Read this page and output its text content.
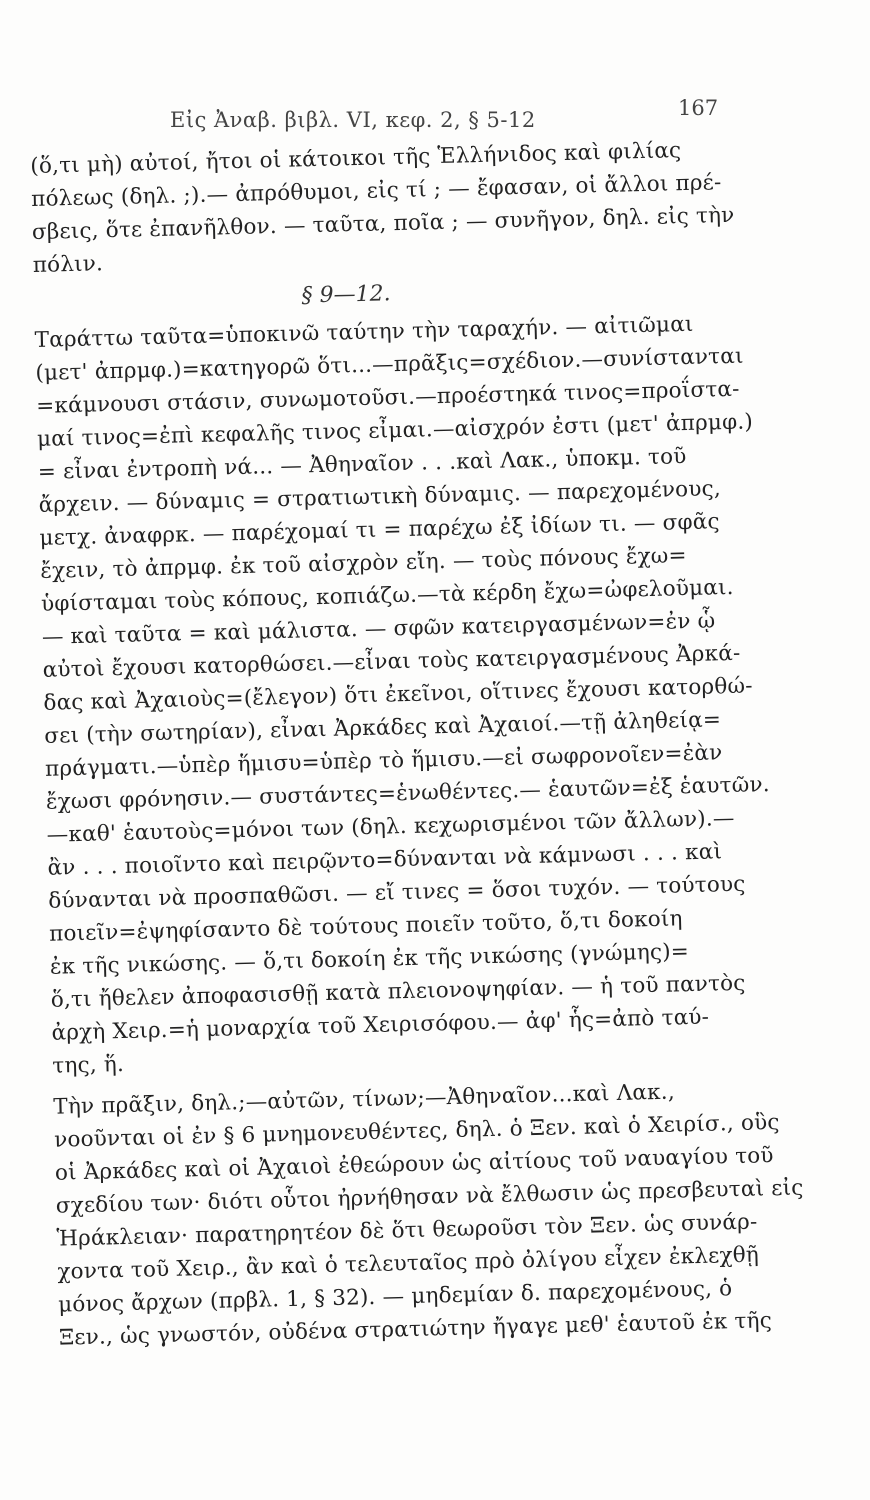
Εἰς Ἀναβ. βιβλ. VI, κεφ. 2, § 5-12	167
(ὅ,τι μὴ) αὐτοί, ἤτοι οἱ κάτοικοι τῆς Ἑλλήνιδος καὶ φιλίας
πόλεως (δηλ. ;).— ἀπρόθυμοι, εἰς τί ; — ἔφασαν, οἱ ἄλλοι πρέ-
σβεις, ὅτε ἐπανῆλθον. — ταῦτα, ποῖα ; — συνῆγον, δηλ. εἰς τὴν
πόλιν.
§ 9—12.
Ταράττω ταῦτα=ὑποκινῶ ταύτην τὴν ταραχήν. — αἰτιῶμαι
(μετ' ἀπρμφ.)=κατηγορῶ ὅτι...—πρᾶξις=σχέδιον.—συνίστανται
=κάμνουσι στάσιν, συνωμοτοῦσι.—προέστηκά τινος=προΐστα-
μαί τινος=ἐπὶ κεφαλῆς τινος εἶμαι.—αἰσχρόν ἐστι (μετ' ἀπρμφ.)
= εἶναι ἐντροπὴ νά... — Ἀθηναῖον . . .καὶ Λακ., ὑποκμ. τοῦ
ἄρχειν. — δύναμις = στρατιωτικὴ δύναμις. — παρεχομένους,
μετχ. ἀναφρκ. — παρέχομαί τι = παρέχω ἐξ ἰδίων τι. — σφᾶς
ἔχειν, τὸ ἀπρμφ. ἐκ τοῦ αἰσχρὸν εἴη. — τοὺς πόνους ἔχω=
ὑφίσταμαι τοὺς κόπους, κοπιάζω.—τὰ κέρδη ἔχω=ὠφελοῦμαι.
— καὶ ταῦτα = καὶ μάλιστα. — σφῶν κατειργασμένων=ἐν ᾧ
αὐτοὶ ἔχουσι κατορθώσει.—εἶναι τοὺς κατειργασμένους Ἀρκά-
δας καὶ Ἀχαιοὺς=(ἔλεγον) ὅτι ἐκεῖνοι, οἵτινες ἔχουσι κατορθώ-
σει (τὴν σωτηρίαν), εἶναι Ἀρκάδες καὶ Ἀχαιοί.—τῇ ἀληθείᾳ=
πράγματι.—ὑπὲρ ἥμισυ=ὑπὲρ τὸ ἥμισυ.—εἰ σωφρονοῖεν=ἐὰν
ἔχωσι φρόνησιν.— συστάντες=ἑνωθέντες.— ἑαυτῶν=ἐξ ἑαυτῶν.
—καθ' ἑαυτοὺς=μόνοι των (δηλ. κεχωρισμένοι τῶν ἄλλων).—
ἂν . . . ποιοῖντο καὶ πειρῷντο=δύνανται νὰ κάμνωσι . . . καὶ
δύνανται νὰ προσπαθῶσι. — εἴ τινες = ὅσοι τυχόν. — τούτους
ποιεῖν=ἐψηφίσαντο δὲ τούτους ποιεῖν τοῦτο, ὅ,τι δοκοίη
ἐκ τῆς νικώσης. — ὅ,τι δοκοίη ἐκ τῆς νικώσης (γνώμης)=
ὅ,τι ἤθελεν ἀποφασισθῇ κατὰ πλειονοψηφίαν. — ἡ τοῦ παντὸς
ἀρχὴ Χειρ.=ἡ μοναρχία τοῦ Χειρισόφου.— ἀφ' ἧς=ἀπὸ ταύ-
της, ἥ.
Τὴν πρᾶξιν, δηλ.;—αὐτῶν, τίνων;—Ἀθηναῖον...καὶ Λακ.,
νοοῦνται οἱ ἐν § 6 μνημονευθέντες, δηλ. ὁ Ξεν. καὶ ὁ Χειρίσ., οὓς
οἱ Ἀρκάδες καὶ οἱ Ἀχαιοὶ ἐθεώρουν ὡς αἰτίους τοῦ ναυαγίου τοῦ
σχεδίου των· διότι οὗτοι ἠρνήθησαν νὰ ἔλθωσιν ὡς πρεσβευταὶ εἰς
Ἡράκλειαν· παρατηρητέον δὲ ὅτι θεωροῦσι τὸν Ξεν. ὡς συνάρ-
χοντα τοῦ Χειρ., ἂν καὶ ὁ τελευταῖος πρὸ ὀλίγου εἶχεν ἐκλεχθῇ
μόνος ἄρχων (πρβλ. 1, § 32). — μηδεμίαν δ. παρεχομένους, ὁ
Ξεν., ὡς γνωστόν, οὐδένα στρατιώτην ἤγαγε μεθ' ἑαυτοῦ ἐκ τῆς
